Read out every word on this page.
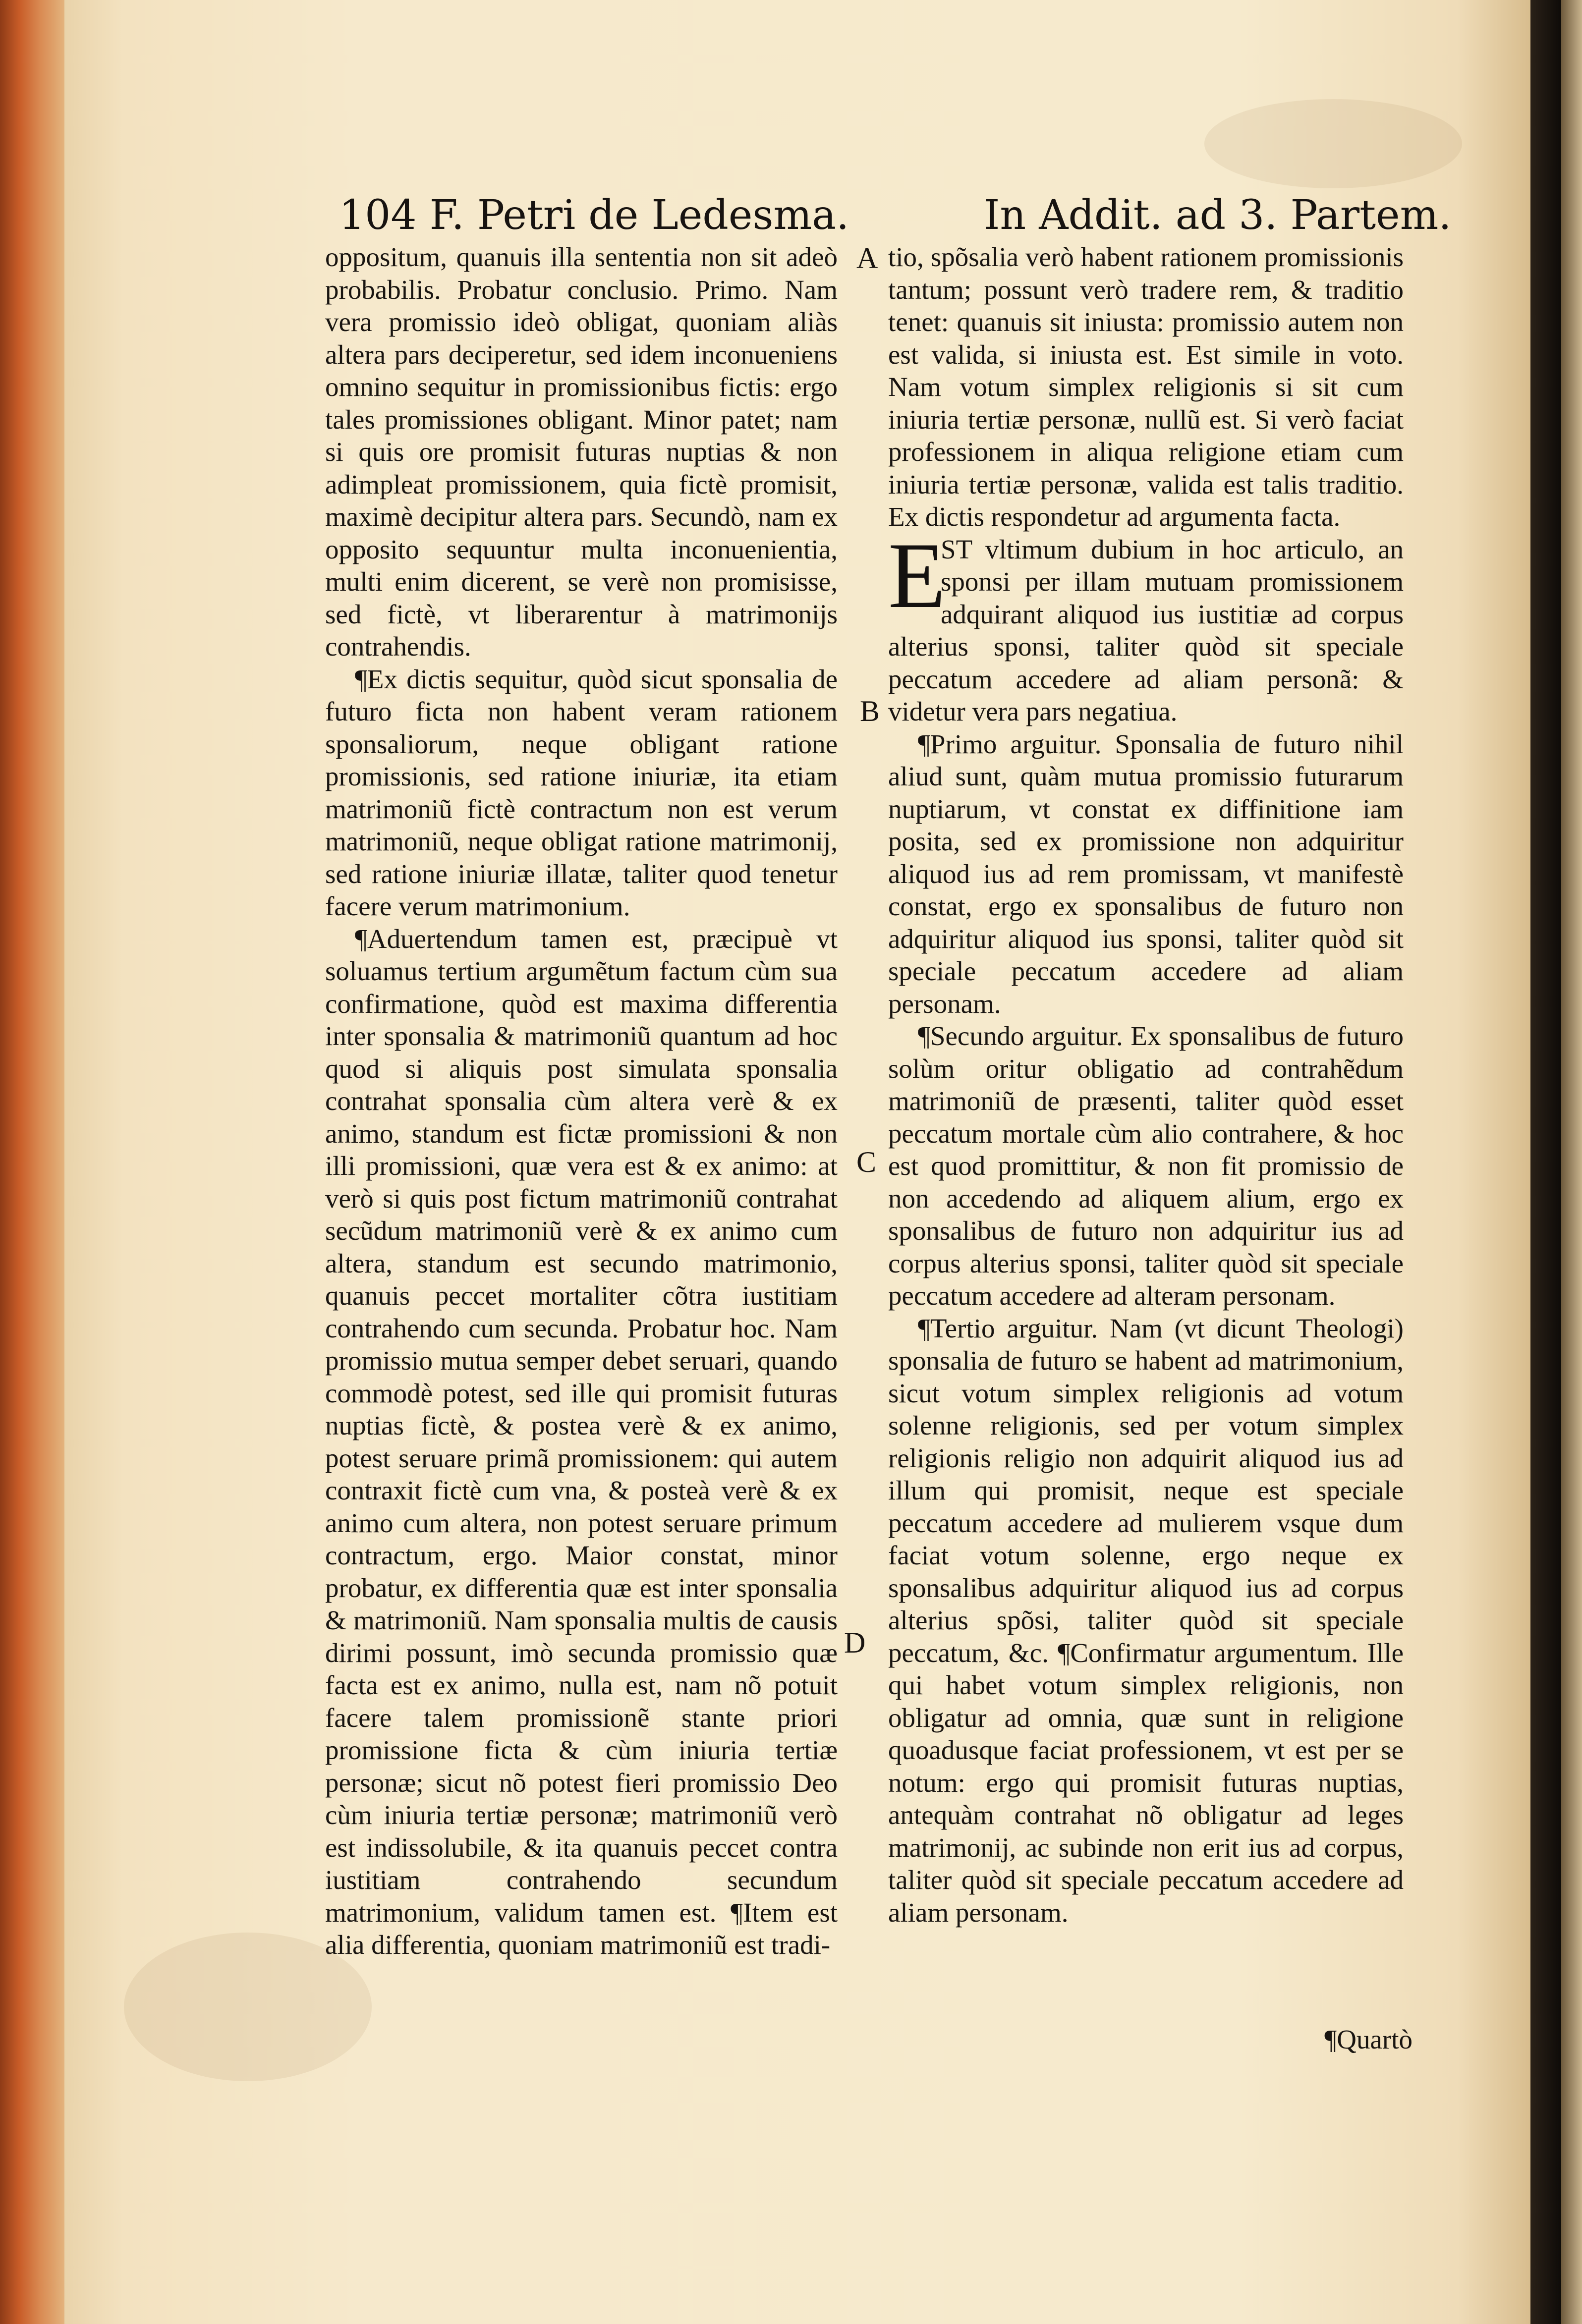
104 F. Petri de Ledesma.	In Addit. ad 3. Partem.
A
B
C
D

oppositum, quanuis illa sententia non sit adeò probabilis. Probatur conclusio. Primo. Nam vera promissio ideò obligat, quoniam aliàs altera pars deciperetur, sed idem inconueniens omnino sequitur in promissionibus fictis: ergo tales promissiones obligant. Minor patet; nam si quis ore promisit futuras nuptias & non adimpleat promissionem, quia fictè promisit, maximè decipitur altera pars. Secundò, nam ex opposito sequuntur multa inconuenientia, multi enim dicerent, se verè non promisisse, sed fictè, vt liberarentur à matrimonijs contrahendis.

¶Ex dictis sequitur, quòd sicut sponsalia de futuro ficta non habent veram rationem sponsaliorum, neque obligant ratione promissionis, sed ratione iniuriæ, ita etiam matrimoniũ fictè contractum non est verum matrimoniũ, neque obligat ratione matrimonij, sed ratione iniuriæ illatæ, taliter quod tenetur facere verum matrimonium.

¶Aduertendum tamen est, præcipuè vt soluamus tertium argumẽtum factum cùm sua confirmatione, quòd est maxima differentia inter sponsalia & matrimoniũ quantum ad hoc quod si aliquis post simulata sponsalia contrahat sponsalia cùm altera verè & ex animo, standum est fictæ promissioni & non illi promissioni, quæ vera est & ex animo: at verò si quis post fictum matrimoniũ contrahat secũdum matrimoniũ verè & ex animo cum altera, standum est secundo matrimonio, quanuis peccet mortaliter cõtra iustitiam contrahendo cum secunda. Probatur hoc. Nam promissio mutua semper debet seruari, quando commodè potest, sed ille qui promisit futuras nuptias fictè, & postea verè & ex animo, potest seruare primã promissionem: qui autem contraxit fictè cum vna, & posteà verè & ex animo cum altera, non potest seruare primum contractum, ergo. Maior constat, minor probatur, ex differentia quæ est inter sponsalia & matrimoniũ. Nam sponsalia multis de causis dirimi possunt, imò secunda promissio quæ facta est ex animo, nulla est, nam nõ potuit facere talem promissionẽ stante priori promissione ficta & cùm iniuria tertiæ personæ; sicut nõ potest fieri promissio Deo cùm iniuria tertiæ personæ; matrimoniũ verò est indissolubile, & ita quanuis peccet contra iustitiam contrahendo secundum matrimonium, validum tamen est. ¶Item est alia differentia, quoniam matrimoniũ est tradi-

tio, spõsalia verò habent rationem promissionis tantum; possunt verò tradere rem, & traditio tenet: quanuis sit iniusta: promissio autem non est valida, si iniusta est. Est simile in voto. Nam votum simplex religionis si sit cum iniuria tertiæ personæ, nullũ est. Si verò faciat professionem in aliqua religione etiam cum iniuria tertiæ personæ, valida est talis traditio. Ex dictis respondetur ad argumenta facta.

E
ST vltimum dubium in hoc articulo, an sponsi per illam mutuam promissionem adquirant aliquod ius iustitiæ ad corpus alterius sponsi, taliter quòd sit speciale peccatum accedere ad aliam personã: & videtur vera pars negatiua.

¶Primo arguitur. Sponsalia de futuro nihil aliud sunt, quàm mutua promissio futurarum nuptiarum, vt constat ex diffinitione iam posita, sed ex promissione non adquiritur aliquod ius ad rem promissam, vt manifestè constat, ergo ex sponsalibus de futuro non adquiritur aliquod ius sponsi, taliter quòd sit speciale peccatum accedere ad aliam personam.

¶Secundo arguitur. Ex sponsalibus de futuro solùm oritur obligatio ad contrahẽdum matrimoniũ de præsenti, taliter quòd esset peccatum mortale cùm alio contrahere, & hoc est quod promittitur, & non fit promissio de non accedendo ad aliquem alium, ergo ex sponsalibus de futuro non adquiritur ius ad corpus alterius sponsi, taliter quòd sit speciale peccatum accedere ad alteram personam.

¶Tertio arguitur. Nam (vt dicunt Theologi) sponsalia de futuro se habent ad matrimonium, sicut votum simplex religionis ad votum solenne religionis, sed per votum simplex religionis religio non adquirit aliquod ius ad illum qui promisit, neque est speciale peccatum accedere ad mulierem vsque dum faciat votum solenne, ergo neque ex sponsalibus adquiritur aliquod ius ad corpus alterius spõsi, taliter quòd sit speciale peccatum, &c. ¶Confirmatur argumentum. Ille qui habet votum simplex religionis, non obligatur ad omnia, quæ sunt in religione quoadusque faciat professionem, vt est per se notum: ergo qui promisit futuras nuptias, antequàm contrahat nõ obligatur ad leges matrimonij, ac subinde non erit ius ad corpus, taliter quòd sit speciale peccatum accedere ad aliam personam.

¶Quartò
